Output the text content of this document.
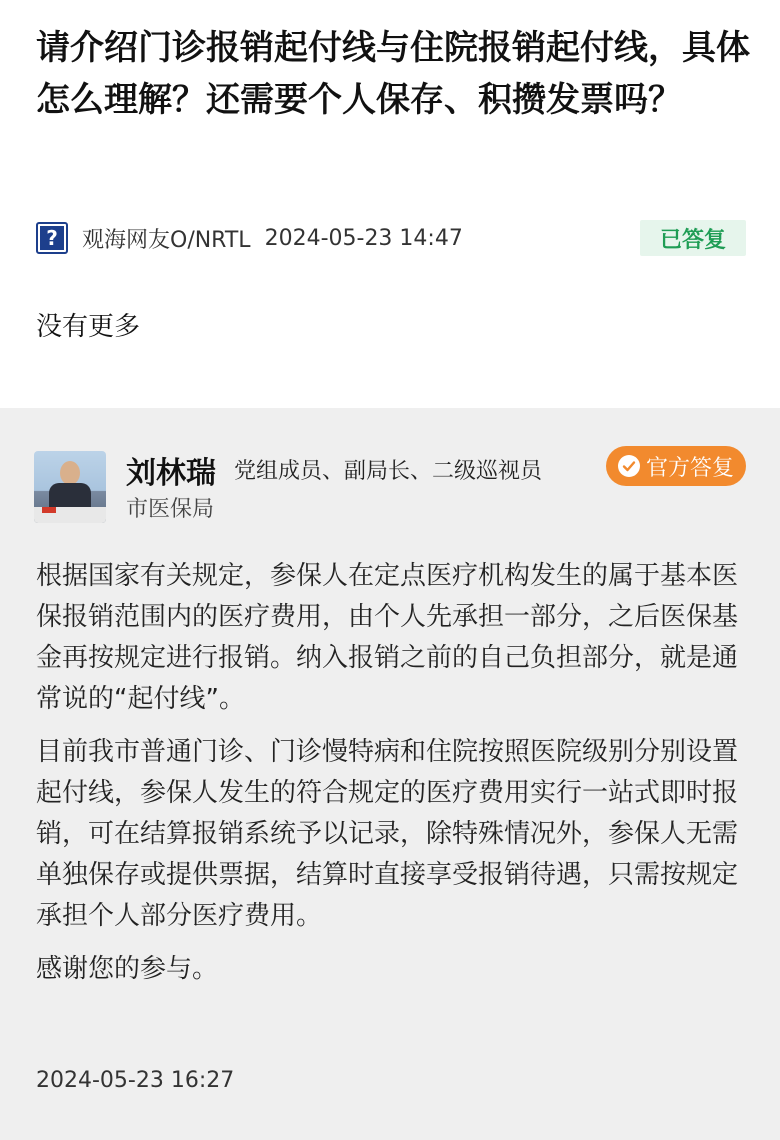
请介绍门诊报销起付线与住院报销起付线，具体怎么理解？还需要个人保存、积攒发票吗？
? 观海网友O/NRTL 2024-05-23 14:47	已答复
没有更多
刘林瑞 党组成员、副局长、二级巡视员
市医保局
官方答复

根据国家有关规定，参保人在定点医疗机构发生的属于基本医保报销范围内的医疗费用，由个人先承担一部分，之后医保基金再按规定进行报销。纳入报销之前的自己负担部分，就是通常说的“起付线”。

目前我市普通门诊、门诊慢特病和住院按照医院级别分别设置起付线，参保人发生的符合规定的医疗费用实行一站式即时报销，可在结算报销系统予以记录，除特殊情况外，参保人无需单独保存或提供票据，结算时直接享受报销待遇，只需按规定承担个人部分医疗费用。

感谢您的参与。

2024-05-23 16:27
